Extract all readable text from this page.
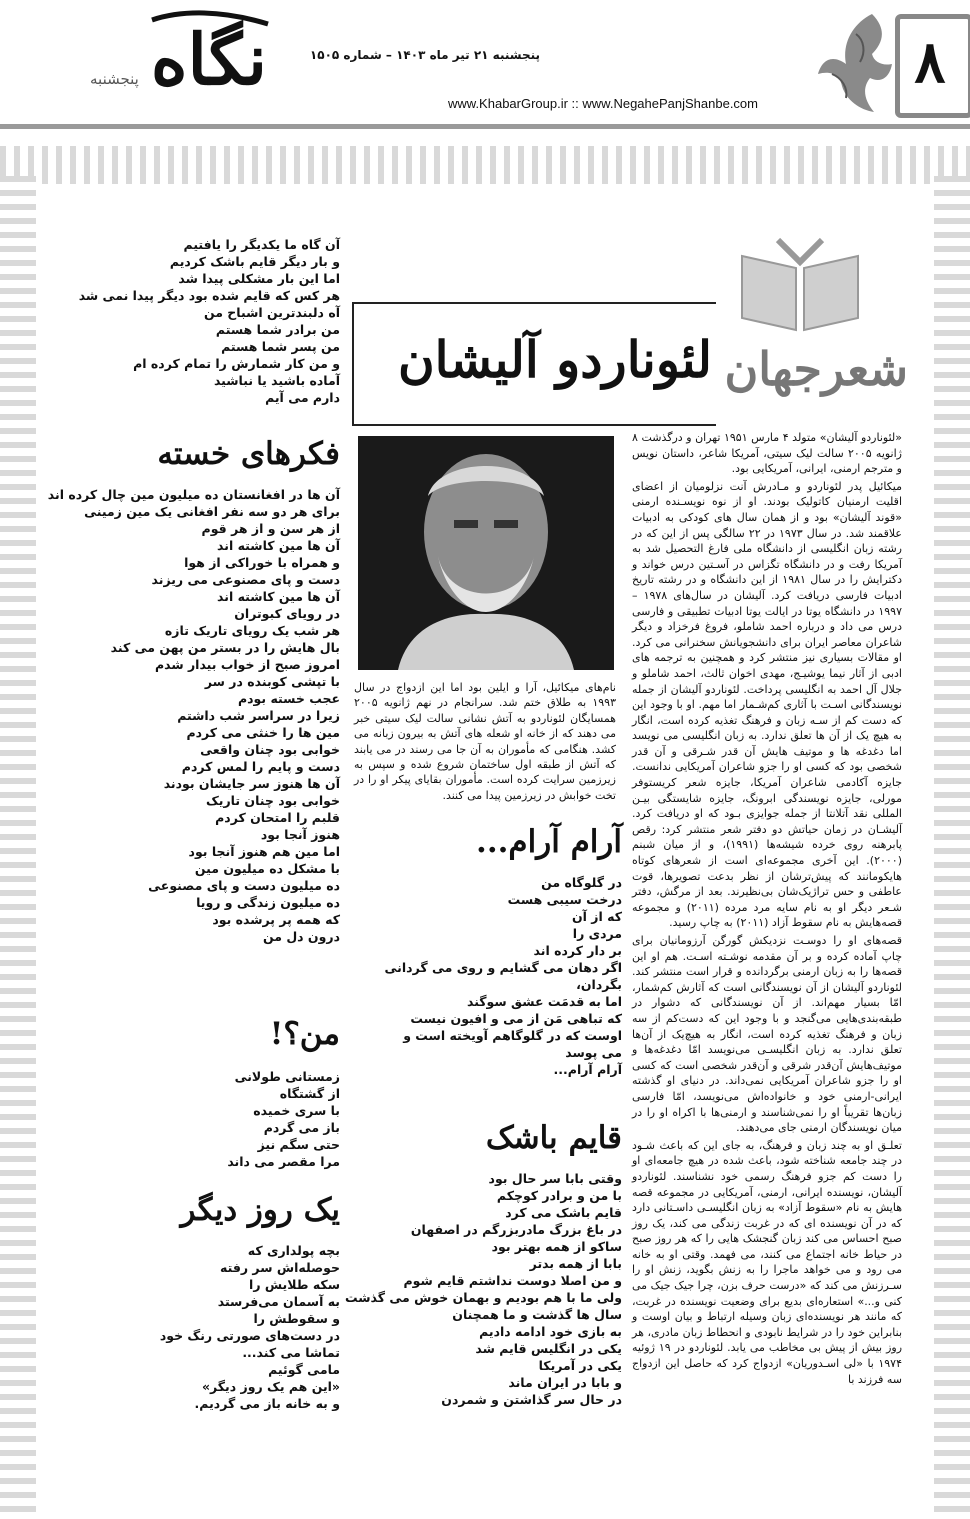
۸
پنجشنبه ۲۱ تیر ماه ۱۴۰۳ – شماره ۱۵۰۵
www.KhabarGroup.ir :: www.NegahePanjShanbe.com
نگاه
پنجشنبه
شعرجهان
لئوناردو آلیشان

«لئوناردو آلیشان» متولد ۴ مارس ۱۹۵۱ تهران و درگذشت ۸ ژانویه ۲۰۰۵ سالت لیک سیتی، آمریکا شاعر، داستان نویس و مترجم ارمنی، ایرانی، آمریکایی بود.

میکائیل پدر لئوناردو و مـادرش آنت نزلومیان از اعضای اقلیت ارمنیان کاتولیک بودند. او از نوه نویسـنده ارمنی «قوند آلیشان» بود و از همان سال های کودکی به ادبیات علاقمند شد. در سال ۱۹۷۳ در ۲۲ سالگی پس از این که در رشته زبان انگلیسی از دانشگاه ملی فارغ التحصیل شد به آمریکا رفت و در دانشگاه تگزاس در آسـتین درس خواند و دکترایش را در سال ۱۹۸۱ از این دانشگاه و در رشته تاریخ ادبیات فارسی دریافت کرد. آلیشان در سال‌های ۱۹۷۸ – ۱۹۹۷ در دانشگاه یوتا در ایالت یوتا ادبیات تطبیقی و فارسی درس می داد و درباره احمد شاملو، فروغ فرخزاد و دیگر شاعران معاصر ایران برای دانشجویانش سخنرانی می کرد. او مقالات بسیاری نیز منتشر کرد و همچنین به ترجمه های ادبی از آثار نیما یوشیـج، مهدی اخوان ثالث، احمد شاملو و جلال آل احمد به انگلیسی پرداخت. لئوناردو آلیشان از جمله نویسندگانی اسـت با آثاری کم‌شـمار اما مهم. او با وجود این که دست کم از سـه زبان و فرهنگ تغذیه کرده است، انگار به هیچ یک از آن ها تعلق ندارد. به زبان انگلیسی می نویسد اما دغدغه ها و موتیف هایش آن قدر شـرقی و آن قدر شخصی بود که کسی او را جزو شاعران آمریکایی ندانست. جایزه آکادمی شاعران آمریکا، جایزه شعر کریستوفر مورلی، جایزه نویسندگی ابرونگ، جایزه شایستگی بیـن المللی نقد آتلانتا از جمله جوایزی بـود که او دریافت کرد. آلیشـان در زمان حیاتش دو دفتر شعر منتشر کرد: رقص پابرهنه روی خرده شیشه‌ها (۱۹۹۱)، و از میان شبنم (۲۰۰۰). این آخری مجموعه‌ای است از شعرهای کوتاه هایکومانند که پیش‌ترشان از نظر بدعت تصویرها، قوت عاطفی و حس تراژیک‌شان بی‌نظیرند. بعد از مرگش، دفتر شـعر دیگر او به نام سایه مرد مرده (۲۰۱۱) و مجموعه قصه‌هایش به نام سقوط آزاد (۲۰۱۱) به چاپ رسید.

قصه‌های او را دوسـت نزدیکش گورگن آرزومانیان برای چاپ آماده کرده و بر آن مقدمه نوشـته اسـت. هم او این قصه‌ها را به زبان ارمنی برگردانده و قرار است منتشر کند. لئوناردو آلیشان از آن نویسندگانی است که آثارش کم‌شمار، امّا بسیار مهم‌اند. از آن نویسندگانی که دشوار در طبقه‌بندی‌هایی می‌گنجد و با وجود این که دست‌کم از سه زبان و فرهنگ تغذیه کرده است، انگار به هیچ‌یک از آن‌ها تعلق ندارد. به زبان انگلیسـی می‌نویسد امّا دغدغه‌ها و موتیف‌هایش آن‌قدر شرقی و آن‌قدر شخصی است که کسی او را جزو شاعران آمریکایی نمی‌داند. در دنیای او گذشته ایرانی-ارمنی خود و خانواده‌اش می‌نویسد، امّا فارسی زبان‌ها تقریباً او را نمی‌شناسند و ارمنی‌ها با اکراه او را در میان نویسندگان ارمنی جای می‌دهند.

تعلـق او به چند زبان و فرهنگ، به جای این که باعث شـود در چند جامعه شناخته شود، باعث شده در هیچ جامعه‌ای او را دست کم جزو فرهنگ رسمی خود نشناسند. لئوناردو آلیشان، نویسنده ایرانی، ارمنی، آمریکایی در مجموعه قصه هایش به نام «سقوط آزاد» به زبان انگلیسـی داسـتانی دارد که در آن نویسنده ای که در غربت زندگی می کند، یک روز صبح احساس می کند زبان گنجشک هایی را که هر روز صبح در حیاط خانه اجتماع می کنند، می فهمد. وقتی او به خانه می رود و می خواهد ماجرا را به زنش بگوید، زنش او را سـرزنش می کند که «درست حرف بزن، چرا جیک جیک می کنی و...» استعاره‌ای بدیع برای وضعیت نویسنده در غربت، که مانند هر نویسنده‌ای زبان وسیله ارتباط و بیان اوست و بنابراین خود را در شرایط نابودی و انحطاط زبان مادری، هر روز بیش از پیش بی مخاطب می یابد. لئوناردو در ۱۹ ژوئیه ۱۹۷۴ با «لی اسـدوریان» ازدواج کرد که حاصل این ازدواج سه فرزند با

نام‌های میکائیل، آرا و ایلین بود اما این ازدواج در سال ۱۹۹۳ به طلاق ختم شد. سرانجام در نهم ژانویه ۲۰۰۵ همسایگان لئوناردو به آتش نشانی سالت لیک سیتی خبر می دهند که از خانه او شعله های آتش به بیرون زبانه می کشد. هنگامی که مأموران به آن جا می رسند در می یابند که آتش از طبقه اول ساختمان شروع شده و سپس به زیرزمین سرایت کرده است. مأموران بقایای پیکر او را در تخت خوابش در زیرزمین پیدا می کنند.
آرام آرام...
در گلوگاه من
درخت سیبی هست
که از آن
مردی را
بر دار کرده اند
اگر دهان می گشایم و روی می گردانی
بگردان،
اما به قدمَت عشق سوگند
که تباهی مَن از می و افیون نیست
اوست که در گلوگاهم آویخته است و
می پوسد
آرام آرام...
قایم باشک
وقتی بابا سر حال بود
با من و برادر کوچکم
قایم باشک می کرد
در باغ بزرگ مادربزرگم در اصفهان
ساکو از همه بهتر بود
بابا از همه بدتر
و من اصلا دوست نداشتم قایم شوم
ولی ما با هم بودیم و بهمان خوش می گذشت
سال ها گذشت و ما همچنان
به بازی خود ادامه دادیم
یکی در انگلیس قایم شد
یکی در آمریکا
و بابا در ایران ماند
در حال سر گذاشتن و شمردن
آن گاه ما یکدیگر را یافتیم
و بار دیگر قایم باشک کردیم
اما این بار مشکلی پیدا شد
هر کس که قایم شده بود دیگر پیدا نمی شد
آه دلبندترین اشباح من
من برادر شما هستم
من پسر شما هستم
و من کار شمارش را تمام کرده ام
آماده باشید یا نباشید
دارم می آیم
فکرهای خسته
آن ها در افغانستان ده میلیون مین چال کرده اند
برای هر دو سه نفر افغانی یک مین زمینی
از هر سن و از هر قوم
آن ها مین کاشته اند
و همراه با خوراکی از هوا
دست و پای مصنوعی می ریزند
آن ها مین کاشته اند
در رویای کبوتران
هر شب یک رویای تاریک تازه
بال هایش را در بستر من پهن می کند
امروز صبح از خواب بیدار شدم
با تپشی کوبنده در سر
عجب خسته بودم
زیرا در سراسر شب داشتم
مین ها را خنثی می کردم
خوابی بود چنان واقعی
دست و پایم را لمس کردم
آن ها هنوز سر جایشان بودند
خوابی بود چنان تاریک
قلبم را امتحان کردم
هنوز آنجا بود
اما مین هم هنوز آنجا بود
با مشکل ده میلیون مین
ده میلیون دست و پای مصنوعی
ده میلیون زندگی و رویا
که همه پر پرشده بود
درون دل من
من؟!
زمستانی طولانی
از گشتگاه
با سری خمیده
باز می گردم
حتی سگم نیز
مرا مقصر می داند
یک روز دیگر
بچه پولداری که
حوصله‌اش سر رفته
سکه طلایش را
به آسمان می‌فرستد
و سقوطش را
در دست‌های صورتی رنگ خود
تماشا می کند...
مامی گوئیم
«این هم یک روز دیگر»
و به خانه باز می گردیم.
